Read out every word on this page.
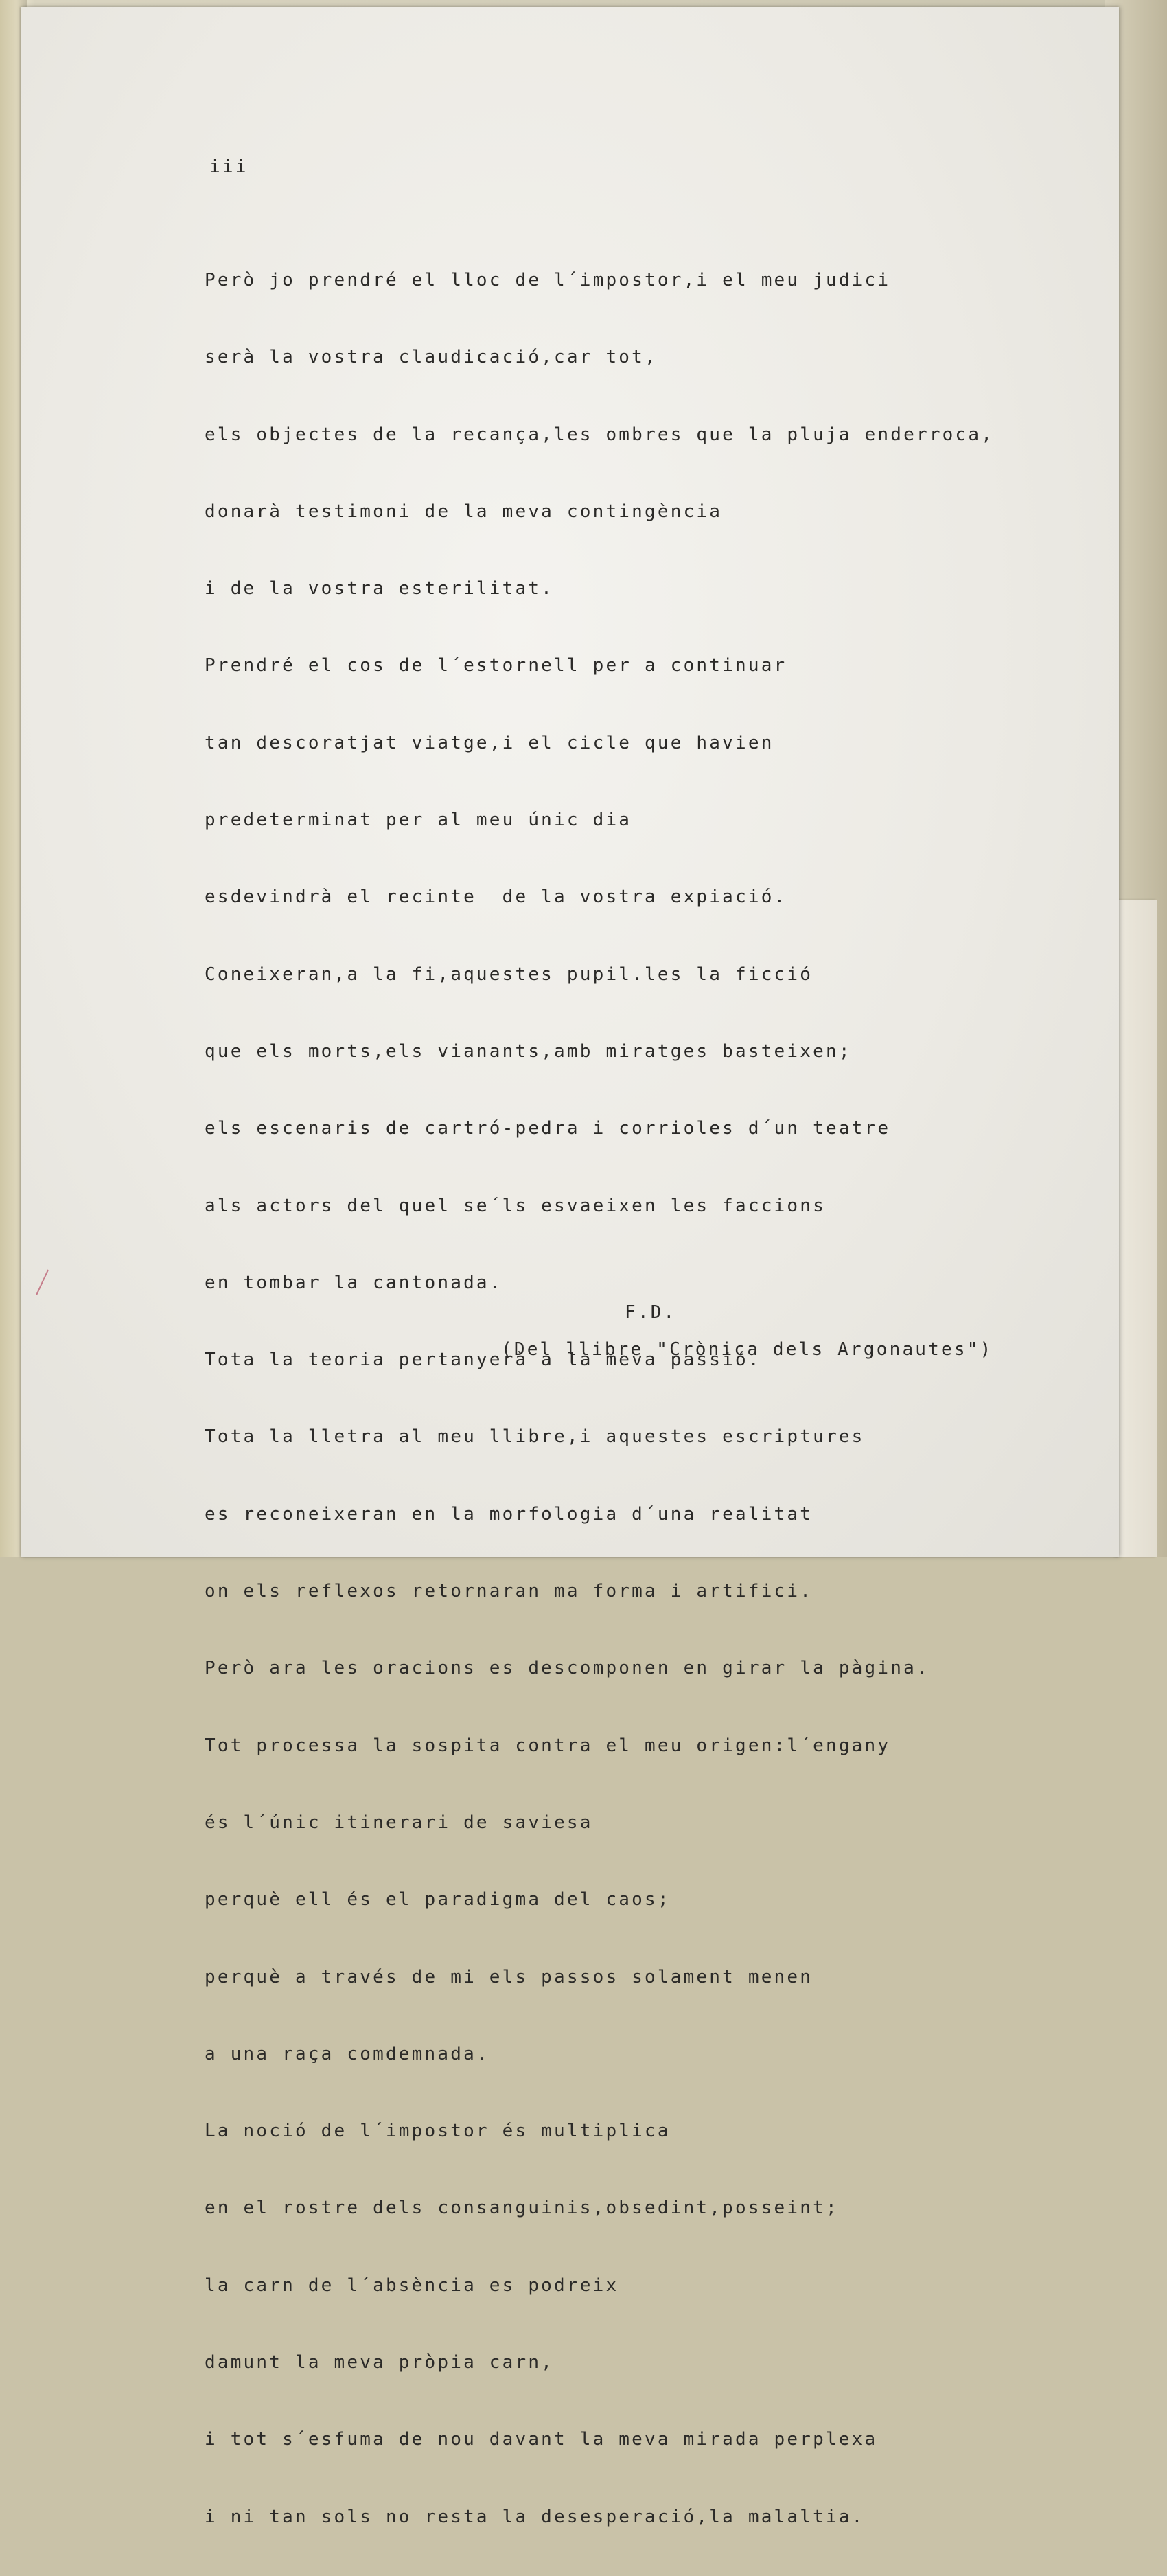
iii

Però jo prendré el lloc de l´impostor,i el meu judici

serà la vostra claudicació,car tot,

els objectes de la recança,les ombres que la pluja enderroca,

donarà testimoni de la meva contingència

i de la vostra esterilitat.

Prendré el cos de l´estornell per a continuar

tan descoratjat viatge,i el cicle que havien

predeterminat per al meu únic dia

esdevindrà el recinte  de la vostra expiació.

Coneixeran,a la fi,aquestes pupil.les la ficció

que els morts,els vianants,amb miratges basteixen;

els escenaris de cartró-pedra i corrioles d´un teatre

als actors del quel se´ls esvaeixen les faccions

en tombar la cantonada.

Tota la teoria pertanyerà a la meva passió.

Tota la lletra al meu llibre,i aquestes escriptures

es reconeixeran en la morfologia d´una realitat

on els reflexos retornaran ma forma i artifici.

Però ara les oracions es descomponen en girar la pàgina.

Tot processa la sospita contra el meu origen:l´engany

és l´únic itinerari de saviesa

perquè ell és el paradigma del caos;

perquè a través de mi els passos solament menen

a una raça comdemnada.

La noció de l´impostor és multiplica

en el rostre dels consanguinis,obsedint,posseint;

la carn de l´absència es podreix

damunt la meva pròpia carn,

i tot s´esfuma de nou davant la meva mirada perplexa

i ni tan sols no resta la desesperació,la malaltia.

F.D.
(Del llibre "Crònica dels Argonautes")
